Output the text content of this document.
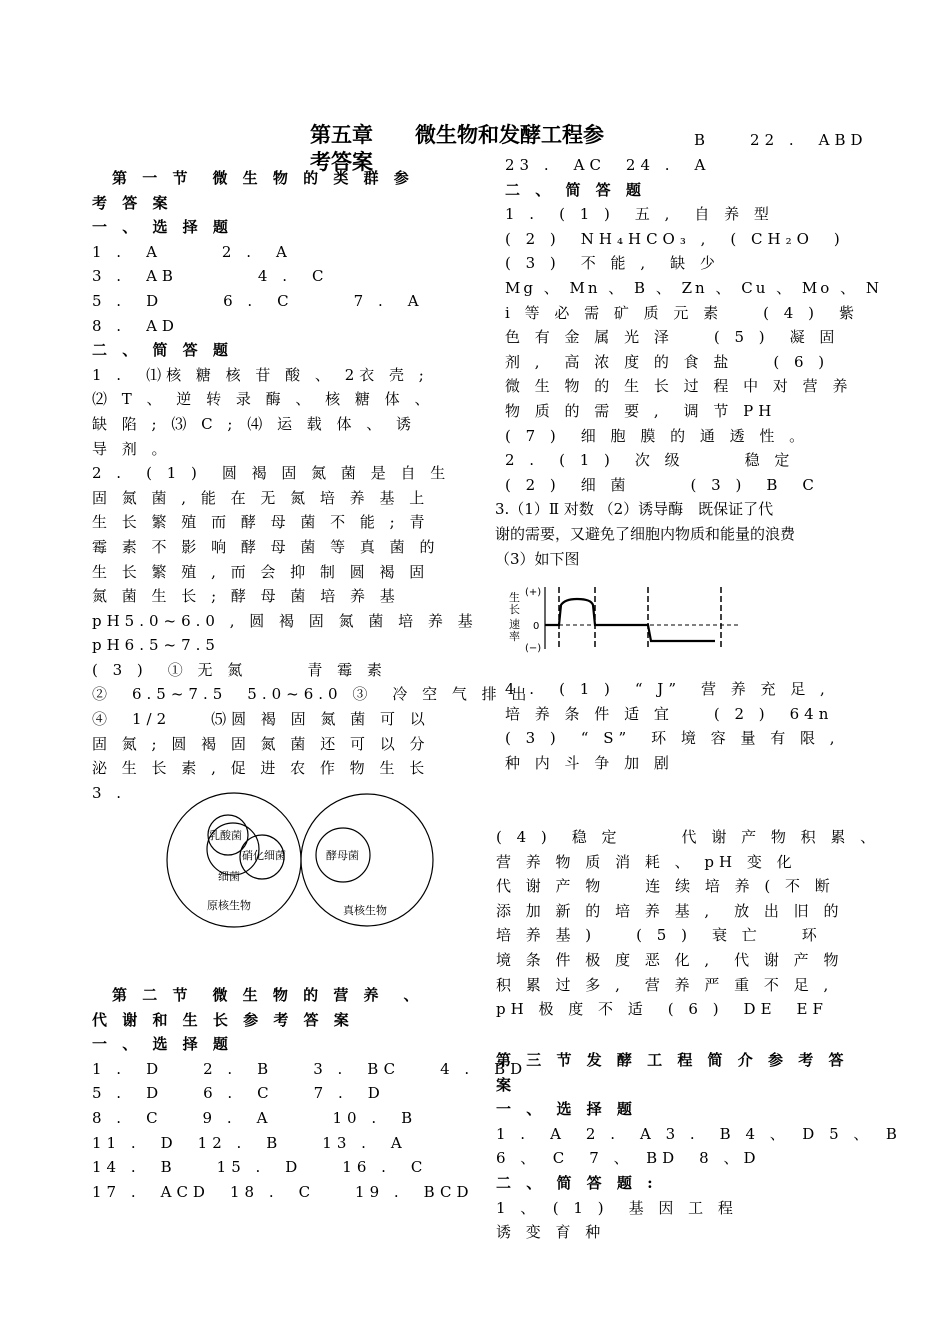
第五章　　微生物和发酵工程参
考答案
　第 一 节　微 生 物 的 类 群 参
考 答 案
一 、 选 择 题
1 .　A　　　2 .　A
3 .　AB　　　　4 .　C
5 .　D　　　6 .　C　　　7 .　A
8 .　AD
二 、 简 答 题
1 .　⑴核 糖 核 苷 酸 、 2衣 壳 ;
⑵ T 、 逆 转 录 酶 、 核 糖 体 、
缺 陷 ; ⑶ C ; ⑷ 运 载 体 、 诱
导 剂 。
2 .　( 1 )　圆 褐 固 氮 菌 是 自 生
固 氮 菌 , 能 在 无 氮 培 养 基 上
生 长 繁 殖 而 酵 母 菌 不 能 ; 青
霉 素 不 影 响 酵 母 菌 等 真 菌 的
生 长 繁 殖 , 而 会 抑 制 圆 褐 固
氮 菌 生 长 ; 酵 母 菌 培 养 基
pH5.0~6.0 , 圆 褐 固 氮 菌 培 养 基
pH6.5~7.5
( 3 )　① 无 氮　　　青 霉 素
②　6.5~7.5　5.0~6.0 ③　冷 空 气 排 出
④　1/2　　⑸圆 褐 固 氮 菌 可 以
固 氮 ; 圆 褐 固 氮 菌 还 可 以 分
泌 生 长 素 , 促 进 农 作 物 生 长
3 .
乳酸菌
硝化细菌
细菌
原核生物
酵母菌
真核生物
　第 二 节　微 生 物 的 营 养　、
代 谢 和 生 长 参 考 答 案
一 、 选 择 题
1 .　D　　2 .　B　　3 .　BC　　4 .　BD
5 .　D　　6 .　C　　7 .　D
8 .　C　　9 .　A　　　10 .　B
11 .　D　12 .　B　　13 .　A
14 .　B　　15 .　D　　16 .　C
17 .　ACD　18 .　C　　19 .　BCD
B　　22 .　ABD
23 .　AC　24 .　A
二 、 简 答 题
1 .　( 1 )　五 ,　自 养 型
( 2 )　NH₄HCO₃ ,　( CH₂O　)
( 3 )　不 能 ,　缺 少
Mg 、 Mn 、 B 、 Zn 、 Cu 、 Mo 、 N
i 等 必 需 矿 质 元 素　　( 4 )　紫
色 有 金 属 光 泽　　( 5 )　凝 固
剂 ,　高 浓 度 的 食 盐　　( 6 )
微 生 物 的 生 长 过 程 中 对 营 养
物 质 的 需 要 ,　调 节 PH
( 7 )　细 胞 膜 的 通 透 性 。
2 .　( 1 )　次 级　　　稳 定
( 2 )　细 菌　　　( 3 )　B　C
3.（1）Ⅱ 对数 （2）诱导酶　既保证了代
谢的需要，又避免了细胞内物质和能量的浪费
（3）如下图
生
长
速
率
(+)
0
(−)
4 .　( 1 )　“ J”　营 养 充 足 ,
培 养 条 件 适 宜　　( 2 )　64n
( 3 )　“ S”　环 境 容 量 有 限 ,
种 内 斗 争 加 剧
( 4 )　稳 定　　　代 谢 产 物 积 累 、
营 养 物 质 消 耗 、 pH 变 化
代 谢 产 物　　连 续 培 养 ( 不 断
添 加 新 的 培 养 基 ,　放 出 旧 的
培 养 基 )　　( 5 )　衰 亡　　环
境 条 件 极 度 恶 化 ,　代 谢 产 物
积 累 过 多 ,　营 养 严 重 不 足 ,
pH 极 度 不 适　( 6 )　DE　EF
第 三 节 发 酵 工 程 简 介 参 考 答
案
一 、 选 择 题
1 .　A　2 .　A 3 .　B 4 、　D 5 、　B
6 、　C　7 、　BD　8 、D
二 、 简 答 题 :
1 、　( 1 )　基 因 工 程
诱 变 育 种
